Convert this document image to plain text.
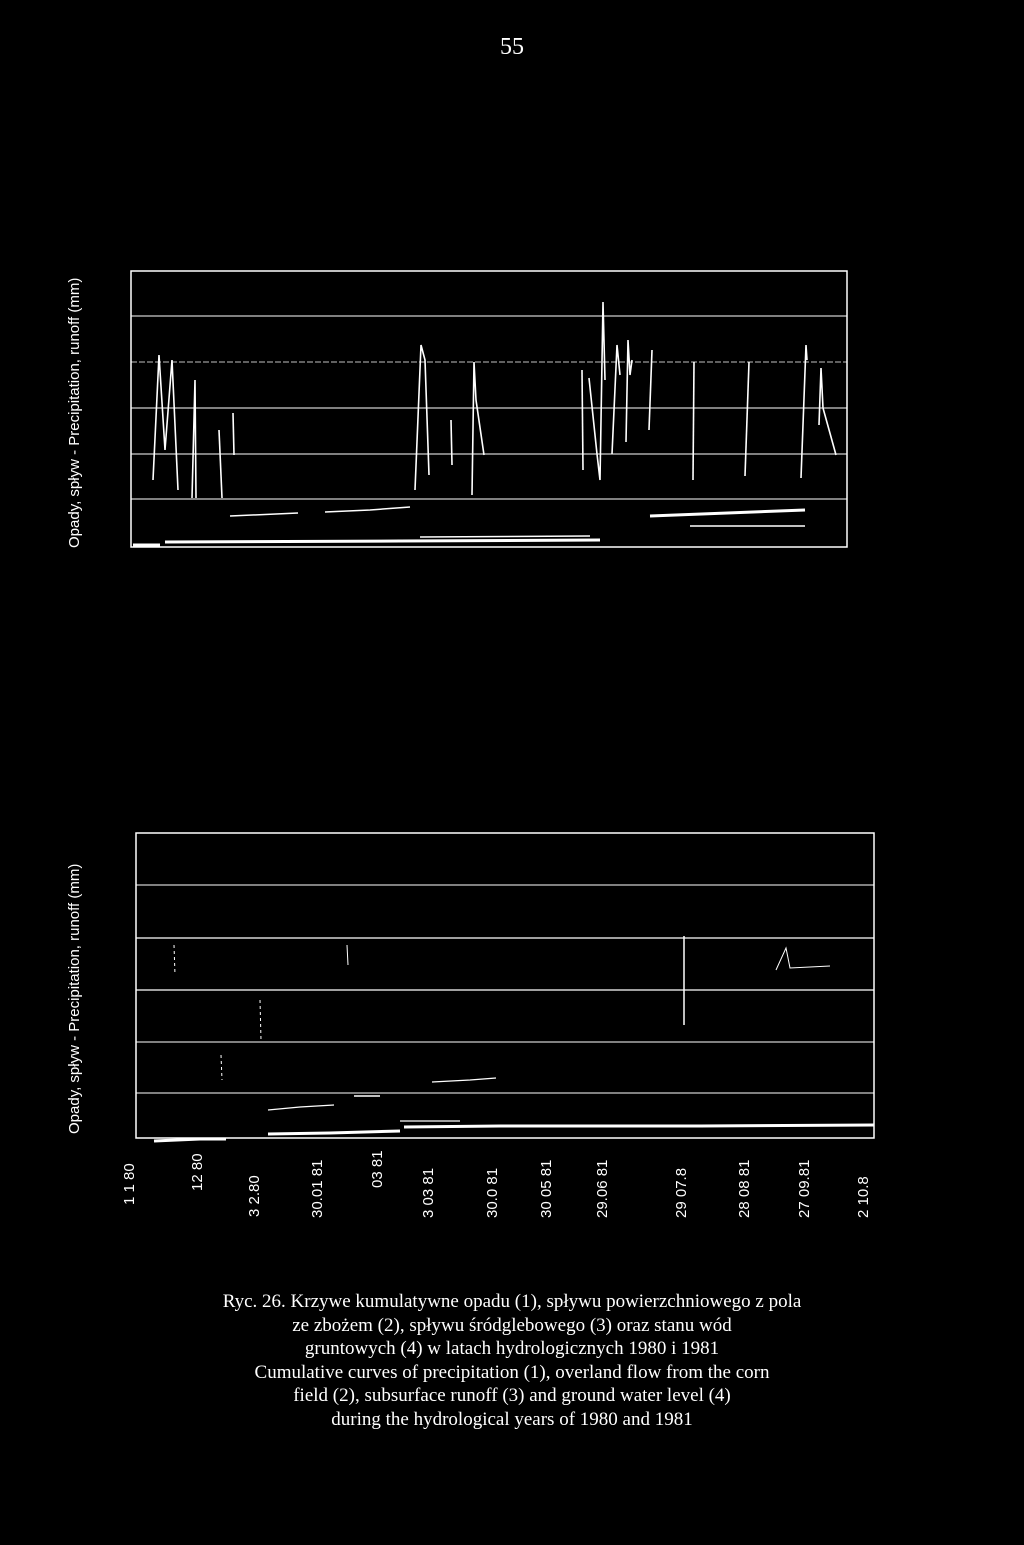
55
Opady, spływ - Precipitation, runoff (mm)
Opady, spływ - Precipitation, runoff (mm)
1 1 80	12 80
3 2.80	30.01 81	03 81 3 03 81	30.0 81 30 05 81	29.06 81	29 07.8	28 08 81	27 09.81	2 10.8
Ryc. 26. Krzywe kumulatywne opadu (1), spływu powierzchniowego z pola
ze zbożem (2), spływu śródglebowego (3) oraz stanu wód
gruntowych (4) w latach hydrologicznych 1980 i 1981
Cumulative curves of precipitation (1), overland flow from the corn
field (2), subsurface runoff (3) and ground water level (4)
during the hydrological years of 1980 and 1981
